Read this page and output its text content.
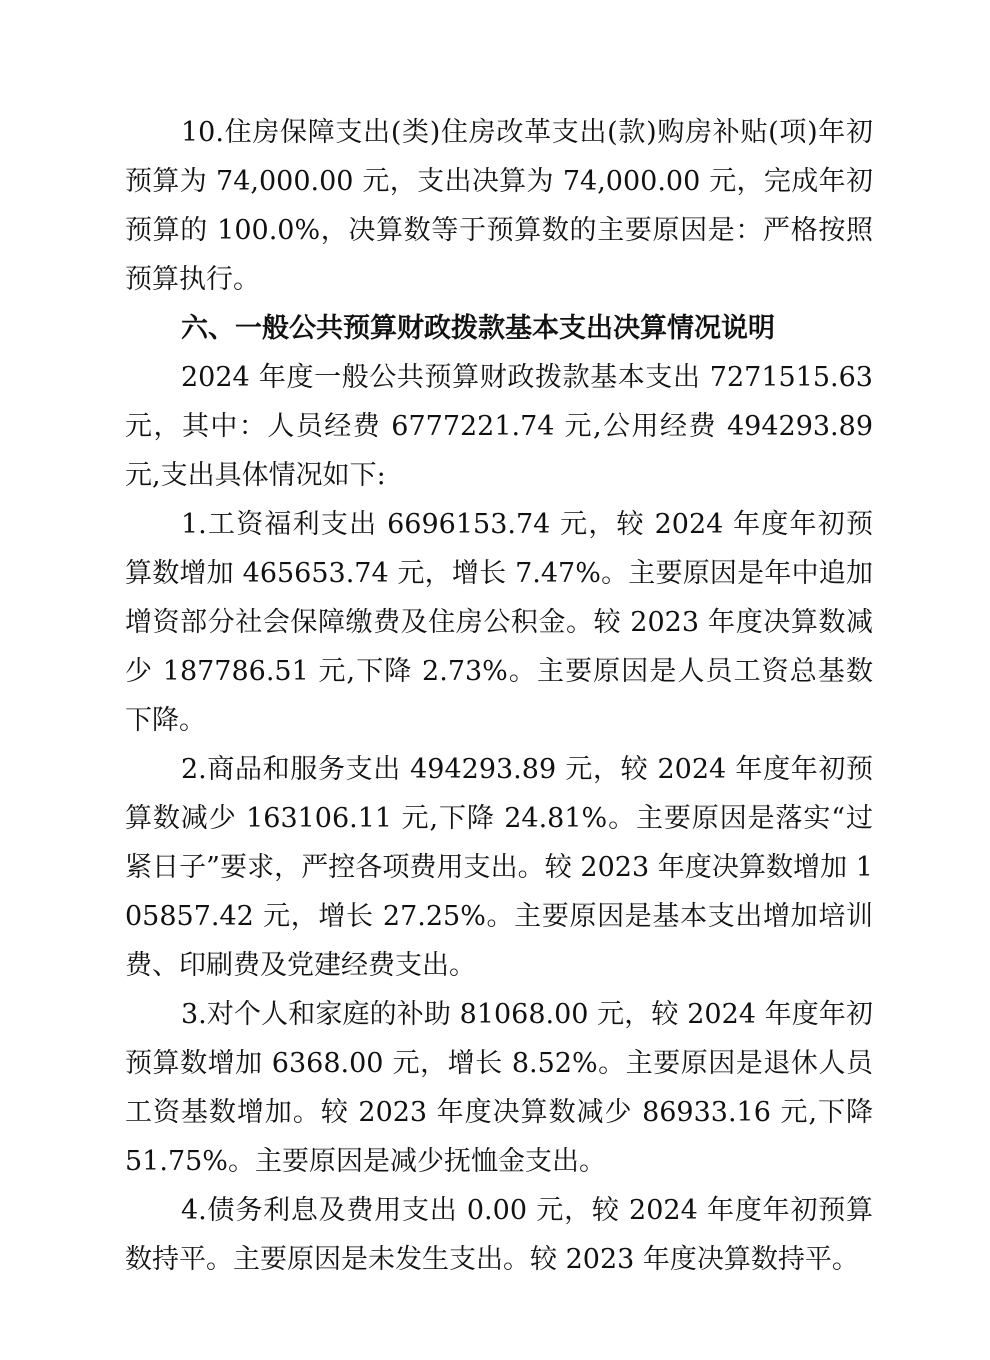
10.住房保障支出(类)住房改革支出(款)购房补贴(项)年初预算为 74,000.00 元，支出决算为 74,000.00 元，完成年初预算的 100.0%，决算数等于预算数的主要原因是：严格按照预算执行。

六、一般公共预算财政拨款基本支出决算情况说明

2024 年度一般公共预算财政拨款基本支出 7271515.63 元，其中：人员经费 6777221.74 元,公用经费 494293.89 元,支出具体情况如下:

1.工资福利支出 6696153.74 元，较 2024 年度年初预算数增加 465653.74 元，增长 7.47%。主要原因是年中追加增资部分社会保障缴费及住房公积金。较 2023 年度决算数减少 187786.51 元,下降 2.73%。主要原因是人员工资总基数下降。

2.商品和服务支出 494293.89 元，较 2024 年度年初预算数减少 163106.11 元,下降 24.81%。主要原因是落实“过紧日子”要求，严控各项费用支出。较 2023 年度决算数增加 105857.42 元，增长 27.25%。主要原因是基本支出增加培训费、印刷费及党建经费支出。

3.对个人和家庭的补助 81068.00 元，较 2024 年度年初预算数增加 6368.00 元，增长 8.52%。主要原因是退休人员工资基数增加。较 2023 年度决算数减少 86933.16 元,下降 51.75%。主要原因是减少抚恤金支出。

4.债务利息及费用支出 0.00 元，较 2024 年度年初预算数持平。主要原因是未发生支出。较 2023 年度决算数持平。
